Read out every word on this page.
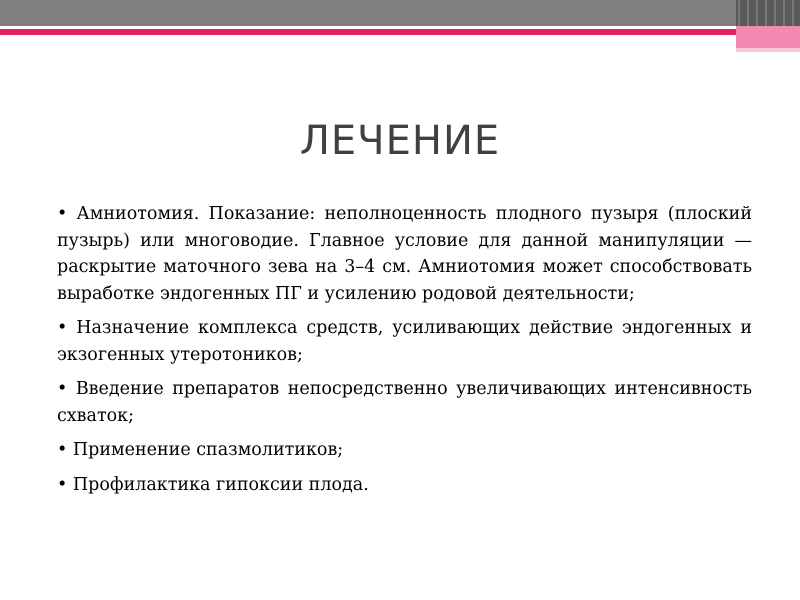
ЛЕЧЕНИЕ

• Амниотомия. Показание: неполноценность плодного пузыря (плоский пузырь) или многоводие. Главное условие для данной манипуляции — раскрытие маточного зева на 3–4 см. Амниотомия может способствовать выработке эндогенных ПГ и усилению родовой деятельности;

• Назначение комплекса средств, усиливающих действие эндогенных и экзогенных утеротоников;

• Введение препаратов непосредственно увеличивающих интенсивность схваток;

• Применение спазмолитиков;

• Профилактика гипоксии плода.
